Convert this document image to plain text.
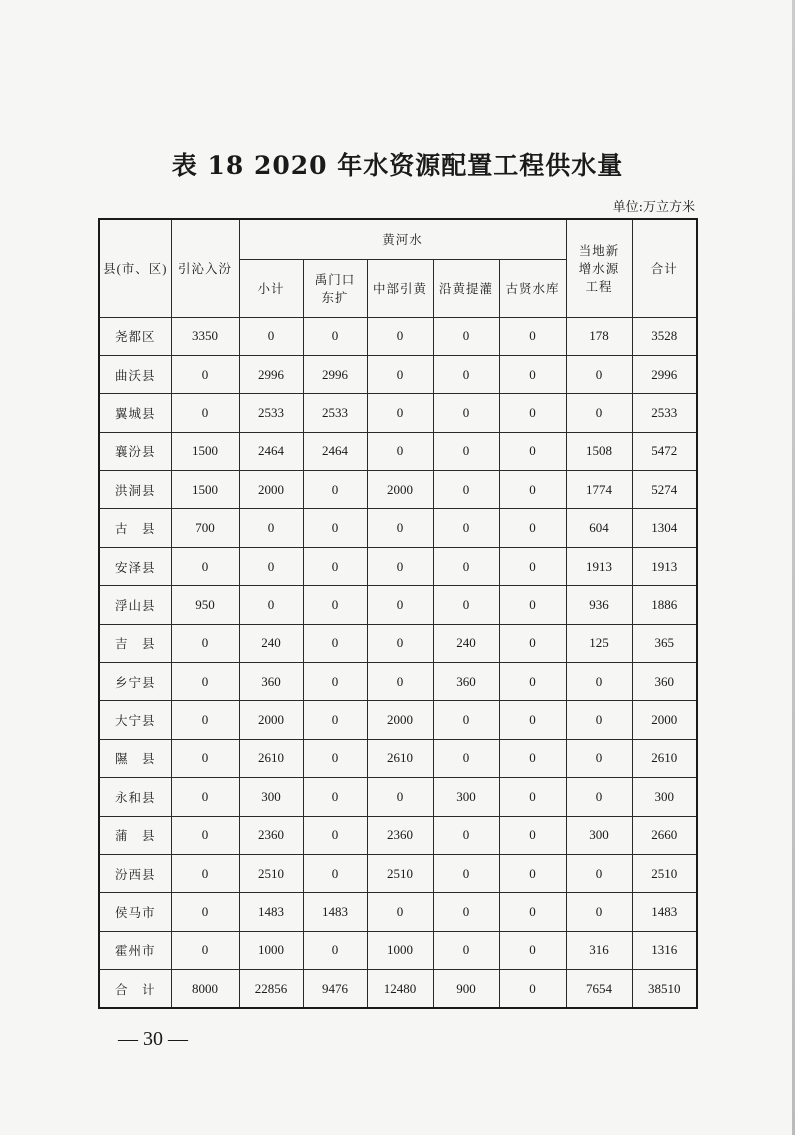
表 18 2020 年水资源配置工程供水量
单位:万立方米
县(市、区)	引沁入汾	黄河水					当地新增水源工程	合计
		小计	禹门口东扩	中部引黄	沿黄提灌	古贤水库		
尧都区	3350	0	0	0	0	0	178	3528
曲沃县	0	2996	2996	0	0	0	0	2996
翼城县	0	2533	2533	0	0	0	0	2533
襄汾县	1500	2464	2464	0	0	0	1508	5472
洪洞县	1500	2000	0	2000	0	0	1774	5274
古　县	700	0	0	0	0	0	604	1304
安泽县	0	0	0	0	0	0	1913	1913
浮山县	950	0	0	0	0	0	936	1886
吉　县	0	240	0	0	240	0	125	365
乡宁县	0	360	0	0	360	0	0	360
大宁县	0	2000	0	2000	0	0	0	2000
隰　县	0	2610	0	2610	0	0	0	2610
永和县	0	300	0	0	300	0	0	300
蒲　县	0	2360	0	2360	0	0	300	2660
汾西县	0	2510	0	2510	0	0	0	2510
侯马市	0	1483	1483	0	0	0	0	1483
霍州市	0	1000	0	1000	0	0	316	1316
合　计	8000	22856	9476	12480	900	0	7654	38510
— 30 —
